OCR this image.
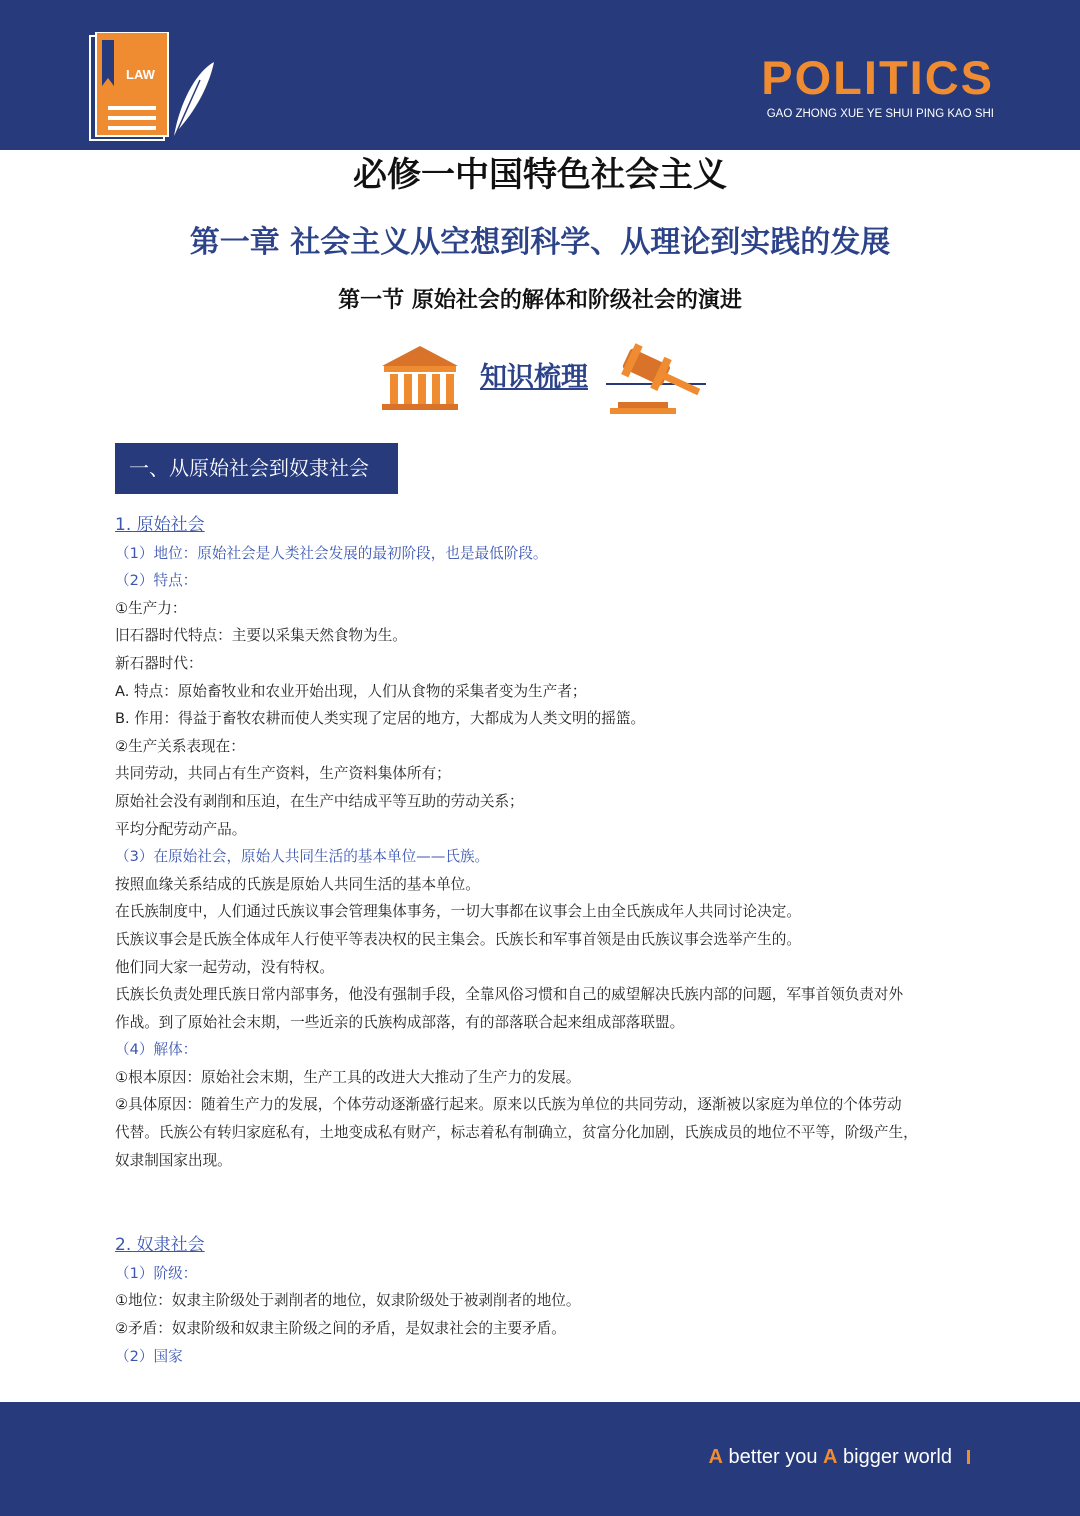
LAW	POLITICS
GAO ZHONG XUE YE SHUI PING KAO SHI
必修一中国特色社会主义
第一章 社会主义从空想到科学、从理论到实践的发展
第一节 原始社会的解体和阶级社会的演进
知识梳理
一、从原始社会到奴隶社会
1. 原始社会
（1）地位：原始社会是人类社会发展的最初阶段，也是最低阶段。
（2）特点：
①生产力：
旧石器时代特点：主要以采集天然食物为生。
新石器时代：
A. 特点：原始畜牧业和农业开始出现，人们从食物的采集者变为生产者；
B. 作用：得益于畜牧农耕而使人类实现了定居的地方，大都成为人类文明的摇篮。
②生产关系表现在：
共同劳动，共同占有生产资料，生产资料集体所有；
原始社会没有剥削和压迫，在生产中结成平等互助的劳动关系；
平均分配劳动产品。
（3）在原始社会，原始人共同生活的基本单位——氏族。
按照血缘关系结成的氏族是原始人共同生活的基本单位。
在氏族制度中，人们通过氏族议事会管理集体事务，一切大事都在议事会上由全氏族成年人共同讨论决定。
氏族议事会是氏族全体成年人行使平等表决权的民主集会。氏族长和军事首领是由氏族议事会选举产生的。
他们同大家一起劳动，没有特权。
氏族长负责处理氏族日常内部事务，他没有强制手段，全靠风俗习惯和自己的威望解决氏族内部的问题，军事首领负责对外
作战。到了原始社会末期，一些近亲的氏族构成部落，有的部落联合起来组成部落联盟。
（4）解体：
①根本原因：原始社会末期，生产工具的改进大大推动了生产力的发展。
②具体原因：随着生产力的发展，个体劳动逐渐盛行起来。原来以氏族为单位的共同劳动，逐渐被以家庭为单位的个体劳动
代替。氏族公有转归家庭私有，土地变成私有财产，标志着私有制确立，贫富分化加剧，氏族成员的地位不平等，阶级产生，
奴隶制国家出现。
2. 奴隶社会
（1）阶级：
①地位：奴隶主阶级处于剥削者的地位，奴隶阶级处于被剥削者的地位。
②矛盾：奴隶阶级和奴隶主阶级之间的矛盾，是奴隶社会的主要矛盾。
（2）国家
A better you A bigger world
